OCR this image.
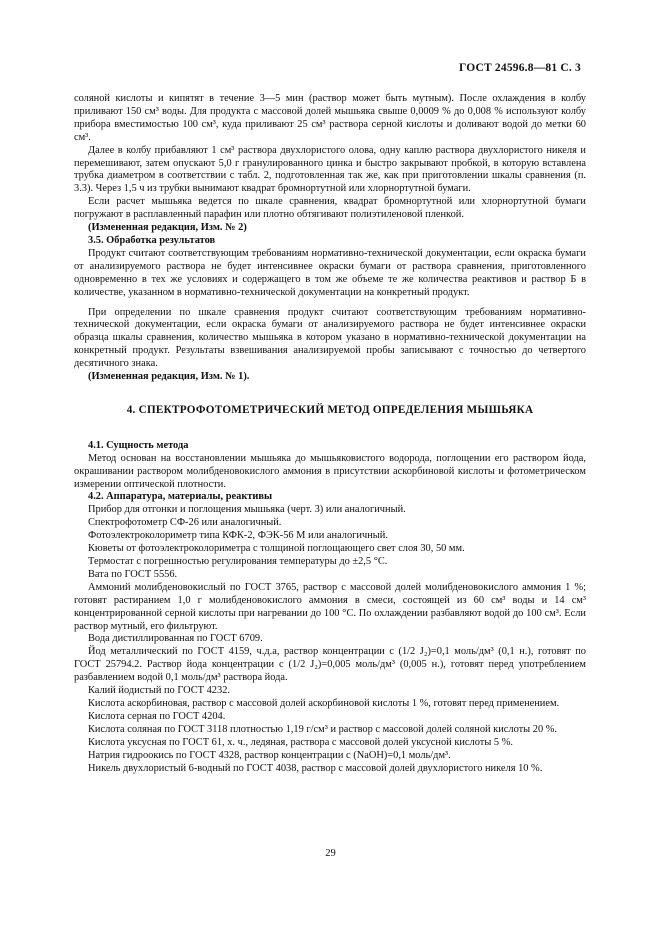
ГОСТ 24596.8—81 С. 3

соляной кислоты и кипятят в течение 3—5 мин (раствор может быть мутным). После охлаждения в колбу приливают 150 см³ воды. Для продукта с массовой долей мышьяка свыше 0,0009 % до 0,008 % используют колбу прибора вместимостью 100 см³, куда приливают 25 см³ раствора серной кислоты и доливают водой до метки 60 см³.

Далее в колбу прибавляют 1 см³ раствора двухлористого олова, одну каплю раствора двухлористого никеля и перемешивают, затем опускают 5,0 г гранулированного цинка и быстро закрывают пробкой, в которую вставлена трубка диаметром в соответствии с табл. 2, подготовленная так же, как при приготовлении шкалы сравнения (п. 3.3). Через 1,5 ч из трубки вынимают квадрат бромнортутной или хлорнортутной бумаги.

Если расчет мышьяка ведется по шкале сравнения, квадрат бромнортутной или хлорнортутной бумаги погружают в расплавленный парафин или плотно обтягивают полиэтиленовой пленкой.

(Измененная редакция, Изм. № 2)

3.5. Обработка результатов

Продукт считают соответствующим требованиям нормативно-технической документации, если окраска бумаги от анализируемого раствора не будет интенсивнее окраски бумаги от раствора сравнения, приготовленного одновременно в тех же условиях и содержащего в том же объеме те же количества реактивов и раствор Б в количестве, указанном в нормативно-технической документации на конкретный продукт.

При определении по шкале сравнения продукт считают соответствующим требованиям нормативно-технической документации, если окраска бумаги от анализируемого раствора не будет интенсивнее окраски образца шкалы сравнения, количество мышьяка в котором указано в нормативно-технической документации на конкретный продукт. Результаты взвешивания анализируемой пробы записывают с точностью до четвертого десятичного знака.

(Измененная редакция, Изм. № 1).

4. СПЕКТРОФОТОМЕТРИЧЕСКИЙ МЕТОД ОПРЕДЕЛЕНИЯ МЫШЬЯКА

4.1. Сущность метода

Метод основан на восстановлении мышьяка до мышьяковистого водорода, поглощении его раствором йода, окрашивании раствором молибденовокислого аммония в присутствии аскорбиновой кислоты и фотометрическом измерении оптической плотности.

4.2. Аппаратура, материалы, реактивы

Прибор для отгонки и поглощения мышьяка (черт. 3) или аналогичный.

Спектрофотометр СФ-26 или аналогичный.

Фотоэлектроколориметр типа КФК-2, ФЭК-56 М или аналогичный.

Кюветы от фотоэлектроколориметра с толщиной поглощающего свет слоя 30, 50 мм.

Термостат с погрешностью регулирования температуры до ±2,5 °С.

Вата по ГОСТ 5556.

Аммоний молибденовокислый по ГОСТ 3765, раствор с массовой долей молибденовокислого аммония 1 %; готовят растиранием 1,0 г молибденовокислого аммония в смеси, состоящей из 60 см³ воды и 14 см³ концентрированной серной кислоты при нагревании до 100 °С. По охлаждении разбавляют водой до 100 см³. Если раствор мутный, его фильтруют.

Вода дистиллированная по ГОСТ 6709.

Йод металлический по ГОСТ 4159, ч.д.а, раствор концентрации с (1/2 J₂)=0,1 моль/дм³ (0,1 н.), готовят по ГОСТ 25794.2. Раствор йода концентрации с (1/2 J₂)=0,005 моль/дм³ (0,005 н.), готовят перед употреблением разбавлением водой 0,1 моль/дм³ раствора йода.

Калий йодистый по ГОСТ 4232.

Кислота аскорбиновая, раствор с массовой долей аскорбиновой кислоты 1 %, готовят перед применением.

Кислота серная по ГОСТ 4204.

Кислота соляная по ГОСТ 3118 плотностью 1,19 г/см³ и раствор с массовой долей соляной кислоты 20 %.

Кислота уксусная по ГОСТ 61, х. ч., ледяная, раствора с массовой долей уксусной кислоты 5 %.

Натрия гидроокись по ГОСТ 4328, раствор концентрации с (NaOH)=0,1 моль/дм³.

Никель двухлористый 6-водный по ГОСТ 4038, раствор с массовой долей двухлористого никеля 10 %.

29
